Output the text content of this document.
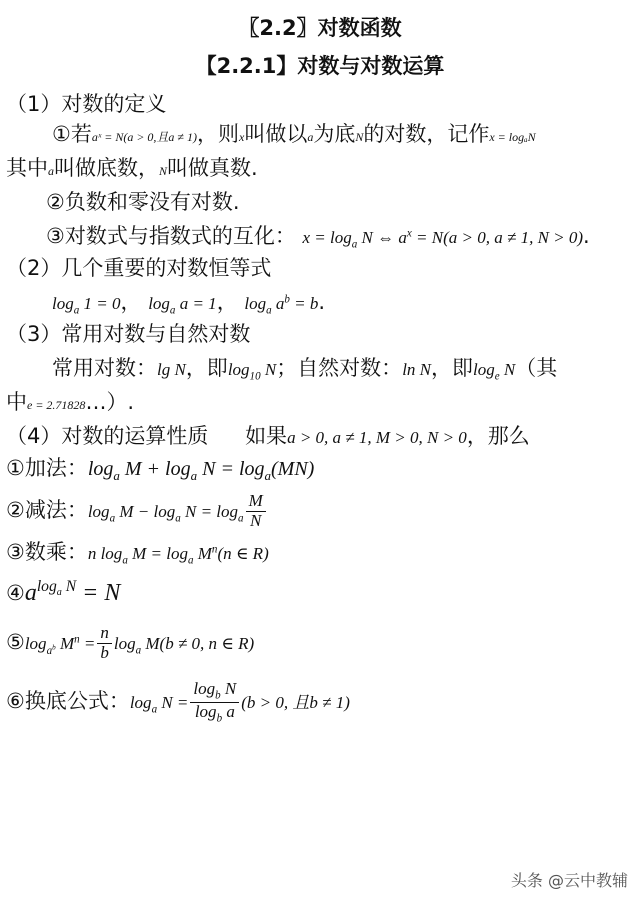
〖2.2〗对数函数
【2.2.1】对数与对数运算
（1）对数的定义
①若aˣ = N(a > 0,且a ≠ 1)，则x叫做以a为底N的对数，记作x = logₐN
其中a叫做底数，N叫做真数.
②负数和零没有对数.
③对数式与指数式的互化： $x = \log_a N$ ⇔ $a^x = N(a > 0$, a ≠ 1, N > 0).
（2）几个重要的对数恒等式
$\log_a 1 = 0$， $\log_a a = 1$， $\log_a a^b = b$.
（3）常用对数与自然对数
常用对数：lg N，即$\log_{10} N$；自然对数：ln N，即$\log_e N$（其
中e = 2.71828…）.
（4）对数的运算性质 如果a > 0, a ≠ 1, M > 0, N > 0，那么
①加法：$\log_a M + \log_a N = \log_a(MN)$
②减法：$\log_a M - \log_a N = \log_a \frac{M}{N}$
③数乘：n $\log_a M = \log_a M^n(n$ ∈ R)
$④a^{log_a N} = N$
$⑤\log_{a^b}$ $M^n = \frac{n}{b} \log_a M(b \ne 0$, n ∈ R)
⑥换底公式：$\log_a N = \frac{\log_b N}{\log_b a} (b > 0$, 且b ≠ 1)
头条 @云中教辅
